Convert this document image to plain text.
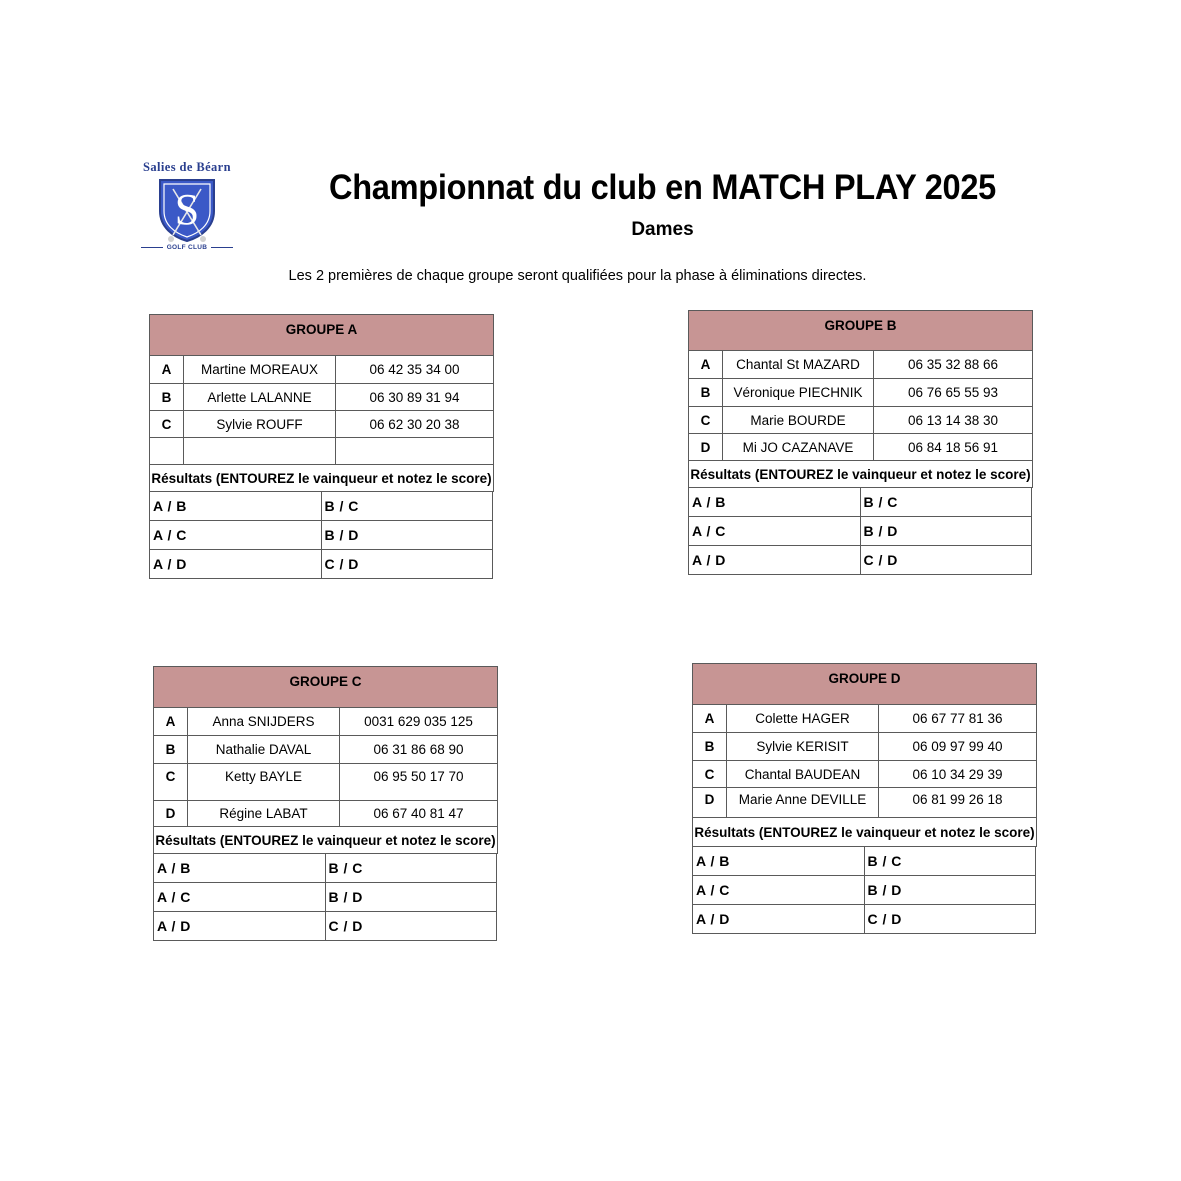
Salies de Béarn
S
GOLF CLUB
Championnat du club en MATCH PLAY 2025
Dames
Les 2 premières de chaque groupe seront qualifiées pour la phase à éliminations directes.
GROUPE A		
A	Martine MOREAUX	06 42 35 34 00
B	Arlette LALANNE	06 30 89 31 94
C	Sylvie ROUFF	06 62 30 20 38

Résultats (ENTOUREZ le vainqueur et notez le score)		
A / B	B / C
A / C	B / D
A / D	C / D
GROUPE B		
A	Chantal St MAZARD	06 35 32 88 66
B	Véronique PIECHNIK	06 76 65 55 93
C	Marie BOURDE	06 13 14 38 30
D	Mi JO CAZANAVE	06 84 18 56 91
Résultats (ENTOUREZ le vainqueur et notez le score)		
A / B	B / C
A / C	B / D
A / D	C / D
GROUPE C		
A	Anna SNIJDERS	0031 629 035 125
B	Nathalie DAVAL	06 31 86 68 90
C	Ketty BAYLE	06 95 50 17 70
D	Régine LABAT	06 67 40 81 47
Résultats (ENTOUREZ le vainqueur et notez le score)		
A / B	B / C
A / C	B / D
A / D	C / D
GROUPE D		
A	Colette HAGER	06 67 77 81 36
B	Sylvie KERISIT	06 09 97 99 40
C	Chantal BAUDEAN	06 10 34 29 39
D	Marie Anne DEVILLE	06 81 99 26 18
Résultats (ENTOUREZ le vainqueur et notez le score)		
A / B	B / C
A / C	B / D
A / D	C / D
